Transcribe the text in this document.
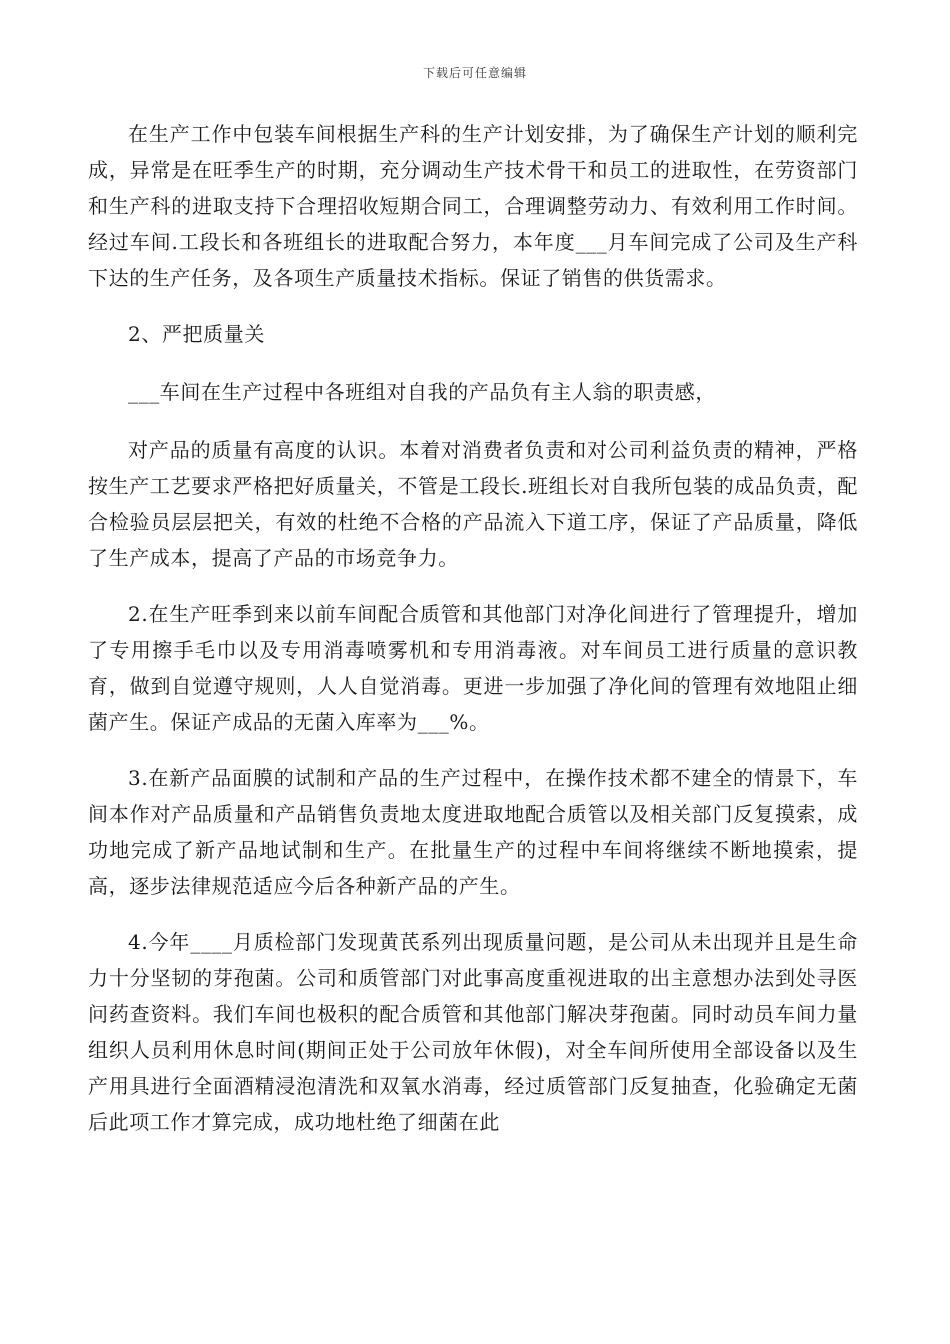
下载后可任意编辑

在生产工作中包装车间根据生产科的生产计划安排，为了确保生产计划的顺利完成，异常是在旺季生产的时期，充分调动生产技术骨干和员工的进取性，在劳资部门和生产科的进取支持下合理招收短期合同工，合理调整劳动力、有效利用工作时间。经过车间.工段长和各班组长的进取配合努力，本年度___月车间完成了公司及生产科下达的生产任务，及各项生产质量技术指标。保证了销售的供货需求。

2、严把质量关

___车间在生产过程中各班组对自我的产品负有主人翁的职责感，

对产品的质量有高度的认识。本着对消费者负责和对公司利益负责的精神，严格按生产工艺要求严格把好质量关，不管是工段长.班组长对自我所包装的成品负责，配合检验员层层把关，有效的杜绝不合格的产品流入下道工序，保证了产品质量，降低了生产成本，提高了产品的市场竞争力。

2.在生产旺季到来以前车间配合质管和其他部门对净化间进行了管理提升，增加了专用擦手毛巾以及专用消毒喷雾机和专用消毒液。对车间员工进行质量的意识教育，做到自觉遵守规则，人人自觉消毒。更进一步加强了净化间的管理有效地阻止细菌产生。保证产成品的无菌入库率为___%。

3.在新产品面膜的试制和产品的生产过程中，在操作技术都不建全的情景下，车间本作对产品质量和产品销售负责地太度进取地配合质管以及相关部门反复摸索，成功地完成了新产品地试制和生产。在批量生产的过程中车间将继续不断地摸索，提高，逐步法律规范适应今后各种新产品的产生。

4.今年____月质检部门发现黄芪系列出现质量问题，是公司从未出现并且是生命力十分坚韧的芽孢菌。公司和质管部门对此事高度重视进取的出主意想办法到处寻医问药查资料。我们车间也极积的配合质管和其他部门解决芽孢菌。同时动员车间力量组织人员利用休息时间(期间正处于公司放年休假)，对全车间所使用全部设备以及生产用具进行全面酒精浸泡清洗和双氧水消毒，经过质管部门反复抽查，化验确定无菌后此项工作才算完成，成功地杜绝了细菌在此
